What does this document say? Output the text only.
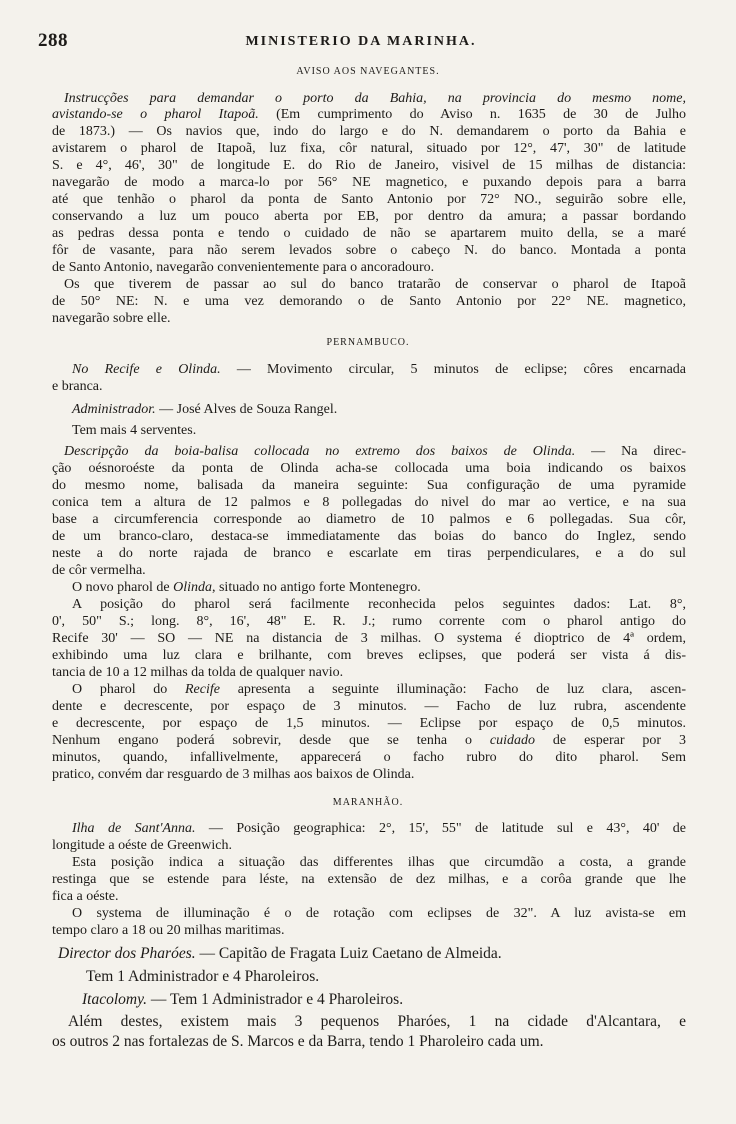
288	MINISTERIO DA MARINHA.
AVISO AOS NAVEGANTES.
PERNAMBUCO.
MARANHÃO.
Instrucções para demandar o porto da Bahia, na provincia do mesmo nome,
avistando-se o pharol Itapoã. (Em cumprimento do Aviso n. 1635 de 30 de Julho
de 1873.) — Os navios que, indo do largo e do N. demandarem o porto da Bahia e
avistarem o pharol de Itapoã, luz fixa, côr natural, situado por 12°, 47', 30" de latitude
S. e 4°, 46', 30" de longitude E. do Rio de Janeiro, visivel de 15 milhas de distancia:
navegarão de modo a marca-lo por 56° NE magnetico, e puxando depois para a barra
até que tenhão o pharol da ponta de Santo Antonio por 72° NO., seguirão sobre elle,
conservando a luz um pouco aberta por EB, por dentro da amura; a passar bordando
as pedras dessa ponta e tendo o cuidado de não se apartarem muito della, se a maré
fôr de vasante, para não serem levados sobre o cabeço N. do banco. Montada a ponta
de Santo Antonio, navegarão convenientemente para o ancoradouro.
Os que tiverem de passar ao sul do banco tratarão de conservar o pharol de Itapoã
de 50° NE: N. e uma vez demorando o de Santo Antonio por 22° NE. magnetico,
navegarão sobre elle.
No Recife e Olinda. — Movimento circular, 5 minutos de eclipse; côres encarnada
e branca.
Administrador. — José Alves de Souza Rangel.
Tem mais 4 serventes.
Descripção da boia-balisa collocada no extremo dos baixos de Olinda. — Na direc-
ção oésnoroéste da ponta de Olinda acha-se collocada uma boia indicando os baixos
do mesmo nome, balisada da maneira seguinte: Sua configuração de uma pyramide
conica tem a altura de 12 palmos e 8 pollegadas do nivel do mar ao vertice, e na sua
base a circumferencia corresponde ao diametro de 10 palmos e 6 pollegadas. Sua côr,
de um branco-claro, destaca-se immediatamente das boias do banco do Inglez, sendo
neste a do norte rajada de branco e escarlate em tiras perpendiculares, e a do sul
de côr vermelha.
O novo pharol de Olinda, situado no antigo forte Montenegro.
A posição do pharol será facilmente reconhecida pelos seguintes dados: Lat. 8°,
0', 50" S.; long. 8°, 16', 48" E. R. J.; rumo corrente com o pharol antigo do
Recife 30' — SO — NE na distancia de 3 milhas. O systema é dioptrico de 4ª ordem,
exhibindo uma luz clara e brilhante, com breves eclipses, que poderá ser vista á dis-
tancia de 10 a 12 milhas da tolda de qualquer navio.
O pharol do Recife apresenta a seguinte illuminação: Facho de luz clara, ascen-
dente e decrescente, por espaço de 3 minutos. — Facho de luz rubra, ascendente
e decrescente, por espaço de 1,5 minutos. — Eclipse por espaço de 0,5 minutos.
Nenhum engano poderá sobrevir, desde que se tenha o cuidado de esperar por 3
minutos, quando, infallivelmente, apparecerá o facho rubro do dito pharol. Sem
pratico, convém dar resguardo de 3 milhas aos baixos de Olinda.
Ilha de Sant'Anna. — Posição geographica: 2°, 15', 55" de latitude sul e 43°, 40' de
longitude a oéste de Greenwich.
Esta posição indica a situação das differentes ilhas que circumdão a costa, a grande
restinga que se estende para léste, na extensão de dez milhas, e a corôa grande que lhe
fica a oéste.
O systema de illuminação é o de rotação com eclipses de 32". A luz avista-se em
tempo claro a 18 ou 20 milhas maritimas.
Director dos Pharóes. — Capitão de Fragata Luiz Caetano de Almeida.
Tem 1 Administrador e 4 Pharoleiros.
Itacolomy. — Tem 1 Administrador e 4 Pharoleiros.
Além destes, existem mais 3 pequenos Pharóes, 1 na cidade d'Alcantara, e
os outros 2 nas fortalezas de S. Marcos e da Barra, tendo 1 Pharoleiro cada um.
